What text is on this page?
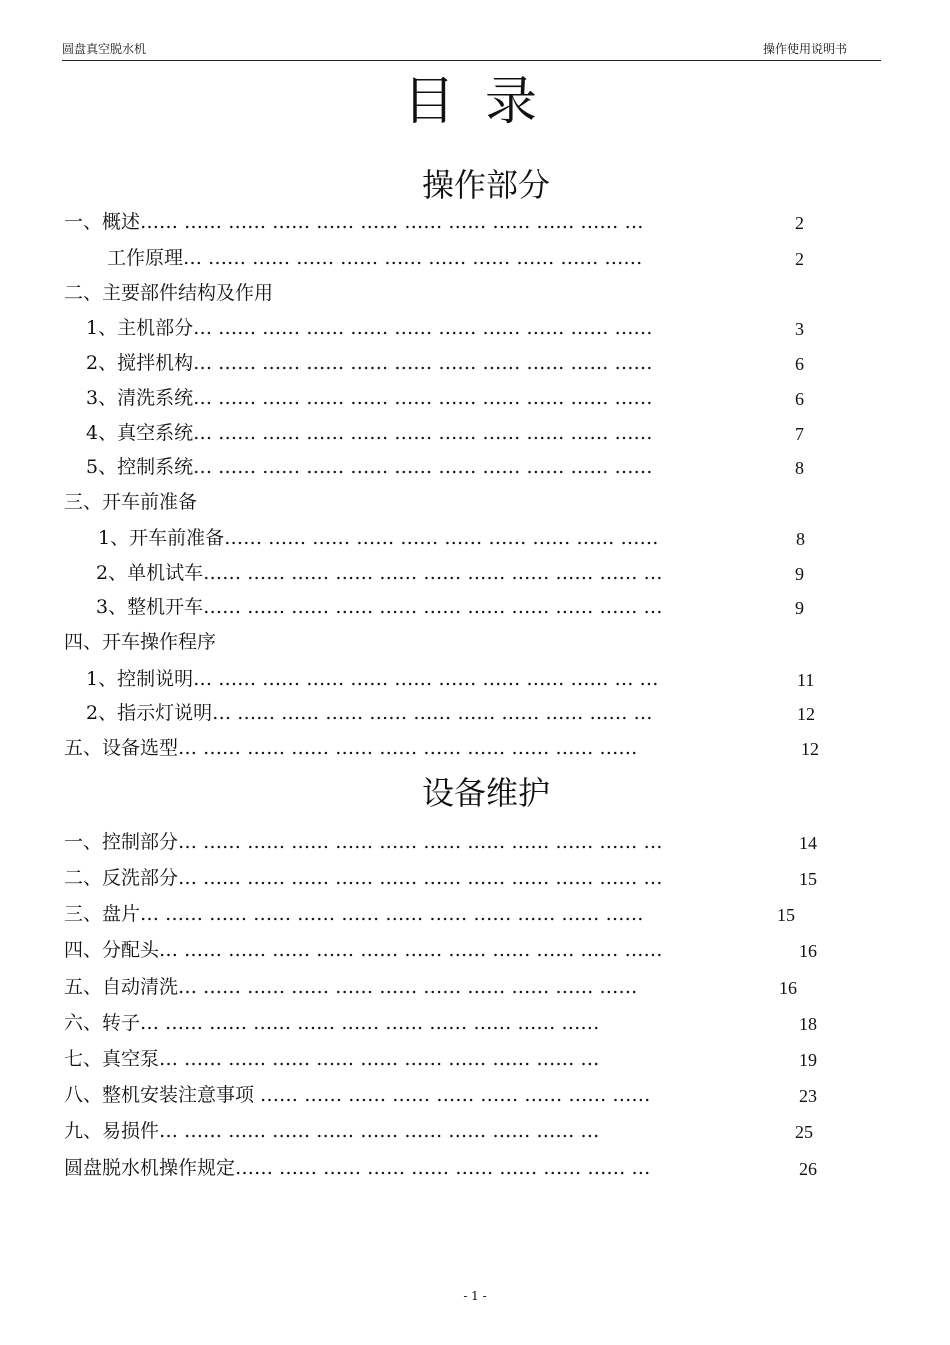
圆盘真空脱水机	操作使用说明书
目录
操作部分
一、概述…… …… …… …… …… …… …… …… …… …… …… …	2
工作原理… …… …… …… …… …… …… …… …… …… ……	2
二、主要部件结构及作用
1、主机部分… …… …… …… …… …… …… …… …… …… ……	3
2、搅拌机构… …… …… …… …… …… …… …… …… …… ……	6
3、清洗系统… …… …… …… …… …… …… …… …… …… ……	6
4、真空系统… …… …… …… …… …… …… …… …… …… ……	7
5、控制系统… …… …… …… …… …… …… …… …… …… ……	8
三、开车前准备
1、开车前准备…… …… …… …… …… …… …… …… …… ……	8
2、单机试车…… …… …… …… …… …… …… …… …… …… …	9
3、整机开车…… …… …… …… …… …… …… …… …… …… …	9
四、开车操作程序
1、控制说明… …… …… …… …… …… …… …… …… …… … …	11
2、指示灯说明… …… …… …… …… …… …… …… …… …… …	12
五、设备选型… …… …… …… …… …… …… …… …… …… ……	12
设备维护
一、控制部分… …… …… …… …… …… …… …… …… …… …… …	14
二、反洗部分… …… …… …… …… …… …… …… …… …… …… …	15
三、盘片… …… …… …… …… …… …… …… …… …… …… ……	15
四、分配头… …… …… …… …… …… …… …… …… …… …… ……	16
五、自动清洗… …… …… …… …… …… …… …… …… …… ……	16
六、转子… …… …… …… …… …… …… …… …… …… ……	18
七、真空泵… …… …… …… …… …… …… …… …… …… …	19
八、整机安装注意事项 …… …… …… …… …… …… …… …… ……	23
九、易损件… …… …… …… …… …… …… …… …… …… …	25
圆盘脱水机操作规定…… …… …… …… …… …… …… …… …… …	26
- 1 -
